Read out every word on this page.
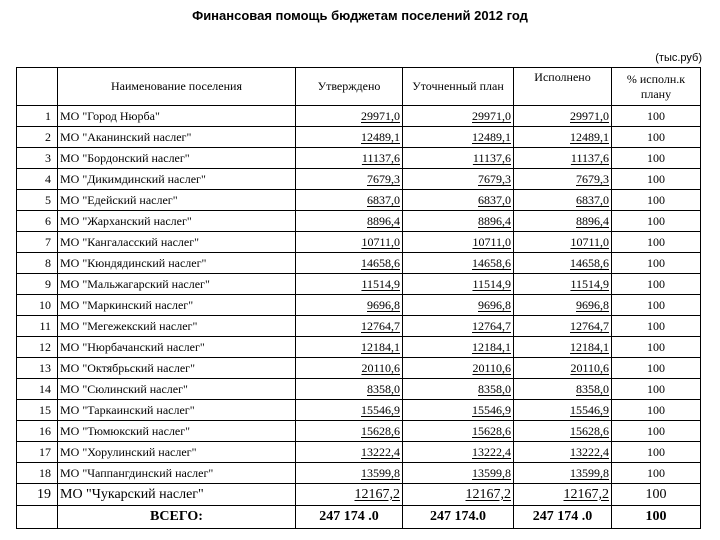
Финансовая помощь бюджетам поселений 2012 год
(тыс.руб)
	Наименование поселения	Утверждено	Уточненный план	Исполнено	% исполн.к плану
1	МО "Город Нюрба"	29971,0	29971,0	29971,0	100
2	МО "Аканинский наслег"	12489,1	12489,1	12489,1	100
3	МО "Бордонский наслег"	11137,6	11137,6	11137,6	100
4	МО "Дикимдинский наслег"	7679,3	7679,3	7679,3	100
5	МО "Едейский наслег"	6837,0	6837,0	6837,0	100
6	МО "Жарханский наслег"	8896,4	8896,4	8896,4	100
7	МО "Кангаласский наслег"	10711,0	10711,0	10711,0	100
8	МО "Кюндядинский наслег"	14658,6	14658,6	14658,6	100
9	МО "Мальжагарский наслег"	11514,9	11514,9	11514,9	100
10	МО "Маркинский наслег"	9696,8	9696,8	9696,8	100
11	МО "Мегежекский наслег"	12764,7	12764,7	12764,7	100
12	МО "Нюрбачанский наслег"	12184,1	12184,1	12184,1	100
13	МО "Октябрьский наслег"	20110,6	20110,6	20110,6	100
14	МО "Сюлинский наслег"	8358,0	8358,0	8358,0	100
15	МО "Таркаинский наслег"	15546,9	15546,9	15546,9	100
16	МО "Тюмюкский наслег"	15628,6	15628,6	15628,6	100
17	МО "Хорулинский наслег"	13222,4	13222,4	13222,4	100
18	МО "Чаппангдинский наслег"	13599,8	13599,8	13599,8	100
19	МО "Чукарский наслег"	12167,2	12167,2	12167,2	100
	ВСЕГО:	247 174 .0	247 174.0	247 174 .0	100
